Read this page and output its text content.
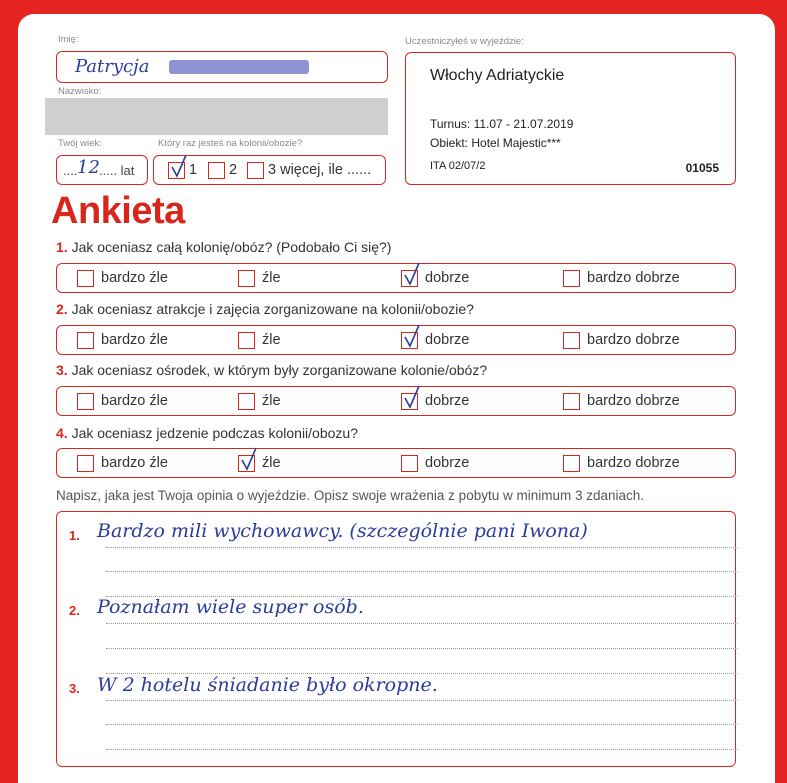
Imię:
Patrycja
Nazwisko:
Twój wiek:
.... 12 ..... lat
Który raz jesteś na kolonii/obozie?
1 2 3 więcej, ile ......
Uczestniczyłeś w wyjeździe:
Włochy Adriatyckie
Turnus: 11.07 - 21.07.2019
Obiekt: Hotel Majestic***
ITA 02/07/2	01055
Ankieta
1. Jak oceniasz całą kolonię/obóz? (Podobało Ci się?)
bardzo źle	źle	dobrze	bardzo dobrze
2. Jak oceniasz atrakcje i zajęcia zorganizowane na kolonii/obozie?
bardzo źle	źle	dobrze	bardzo dobrze
3. Jak oceniasz ośrodek, w którym były zorganizowane kolonie/obóz?
bardzo źle	źle	dobrze	bardzo dobrze
4. Jak oceniasz jedzenie podczas kolonii/obozu?
bardzo źle	źle	dobrze	bardzo dobrze
Napisz, jaka jest Twoja opinia o wyjeździe. Opisz swoje wrażenia z pobytu w minimum 3 zdaniach.
1. Bardzo mili wychowawcy. (szczególnie pani Iwona)
2. Poznałam wiele super osób.
3. W 2 hotelu śniadanie było okropne.
